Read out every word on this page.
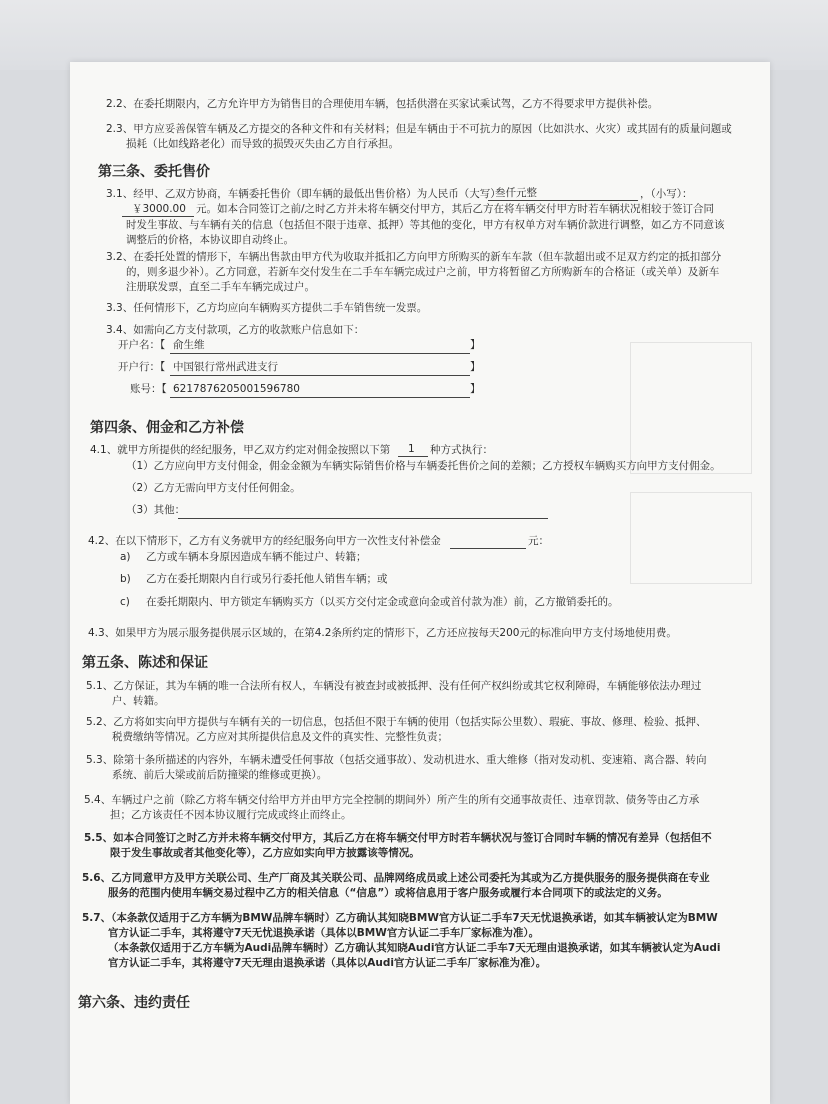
2.2、在委托期限内，乙方允许甲方为销售目的合理使用车辆，包括供潜在买家试乘试驾，乙方不得要求甲方提供补偿。
2.3、甲方应妥善保管车辆及乙方提交的各种文件和有关材料；但是车辆由于不可抗力的原因（比如洪水、火灾）或其固有的质量问题或
损耗（比如线路老化）而导致的损毁灭失由乙方自行承担。
第三条、委托售价
3.1、经甲、乙双方协商，车辆委托售价（即车辆的最低出售价格）为人民币（大写）
叁仟元整	，（小写）：
￥3000.00 元。如本合同签订之前/之时乙方并未将车辆交付甲方，其后乙方在将车辆交付甲方时若车辆状况相较于签订合同
时发生事故、与车辆有关的信息（包括但不限于违章、抵押）等其他的变化，甲方有权单方对车辆价款进行调整，如乙方不同意该
调整后的价格，本协议即自动终止。
3.2、在委托处置的情形下，车辆出售款由甲方代为收取并抵扣乙方向甲方所购买的新车车款（但车款超出或不足双方约定的抵扣部分
的，则多退少补）。乙方同意，若新车交付发生在二手车车辆完成过户之前，甲方将暂留乙方所购新车的合格证（或关单）及新车
注册联发票，直至二手车车辆完成过户。
3.3、任何情形下，乙方均应向车辆购买方提供二手车销售统一发票。
3.4、如需向乙方支付款项，乙方的收款账户信息如下：
开户名：【 俞生维	】
开户行：【 中国银行常州武进支行	】
账号：【 6217876205001596780	】
第四条、佣金和乙方补偿
4.1、就甲方所提供的经纪服务，甲乙双方约定对佣金按照以下第 1 种方式执行：
（1）乙方应向甲方支付佣金，佣金金额为车辆实际销售价格与车辆委托售价之间的差额；乙方授权车辆购买方向甲方支付佣金。
（2）乙方无需向甲方支付任何佣金。
（3）其他：
4.2、在以下情形下，乙方有义务就甲方的经纪服务向甲方一次性支付补偿金	元：
a) 乙方或车辆本身原因造成车辆不能过户、转籍；
b) 乙方在委托期限内自行或另行委托他人销售车辆；或
c) 在委托期限内、甲方锁定车辆购买方（以买方交付定金或意向金或首付款为准）前，乙方撤销委托的。
4.3、如果甲方为展示服务提供展示区域的，在第4.2条所约定的情形下，乙方还应按每天200元的标准向甲方支付场地使用费。
第五条、陈述和保证
5.1、乙方保证，其为车辆的唯一合法所有权人，车辆没有被查封或被抵押、没有任何产权纠纷或其它权利障碍，车辆能够依法办理过
户、转籍。
5.2、乙方将如实向甲方提供与车辆有关的一切信息，包括但不限于车辆的使用（包括实际公里数）、瑕疵、事故、修理、检验、抵押、
税费缴纳等情况。乙方应对其所提供信息及文件的真实性、完整性负责；
5.3、除第十条所描述的内容外，车辆未遭受任何事故（包括交通事故）、发动机进水、重大维修（指对发动机、变速箱、离合器、转向
系统、前后大梁或前后防撞梁的维修或更换）。
5.4、车辆过户之前（除乙方将车辆交付给甲方并由甲方完全控制的期间外）所产生的所有交通事故责任、违章罚款、债务等由乙方承
担；乙方该责任不因本协议履行完成或终止而终止。
5.5、如本合同签订之时乙方并未将车辆交付甲方，其后乙方在将车辆交付甲方时若车辆状况与签订合同时车辆的情况有差异（包括但不
限于发生事故或者其他变化等），乙方应如实向甲方披露该等情况。
5.6、乙方同意甲方及甲方关联公司、生产厂商及其关联公司、品牌网络成员或上述公司委托为其或为乙方提供服务的服务提供商在专业
服务的范围内使用车辆交易过程中乙方的相关信息（“信息”）或将信息用于客户服务或履行本合同项下的或法定的义务。
5.7、（本条款仅适用于乙方车辆为BMW品牌车辆时）乙方确认其知晓BMW官方认证二手车7天无忧退换承诺，如其车辆被认定为BMW
官方认证二手车，其将遵守7天无忧退换承诺（具体以BMW官方认证二手车厂家标准为准）。
（本条款仅适用于乙方车辆为Audi品牌车辆时）乙方确认其知晓Audi官方认证二手车7天无理由退换承诺，如其车辆被认定为Audi
官方认证二手车，其将遵守7天无理由退换承诺（具体以Audi官方认证二手车厂家标准为准）。
第六条、违约责任
